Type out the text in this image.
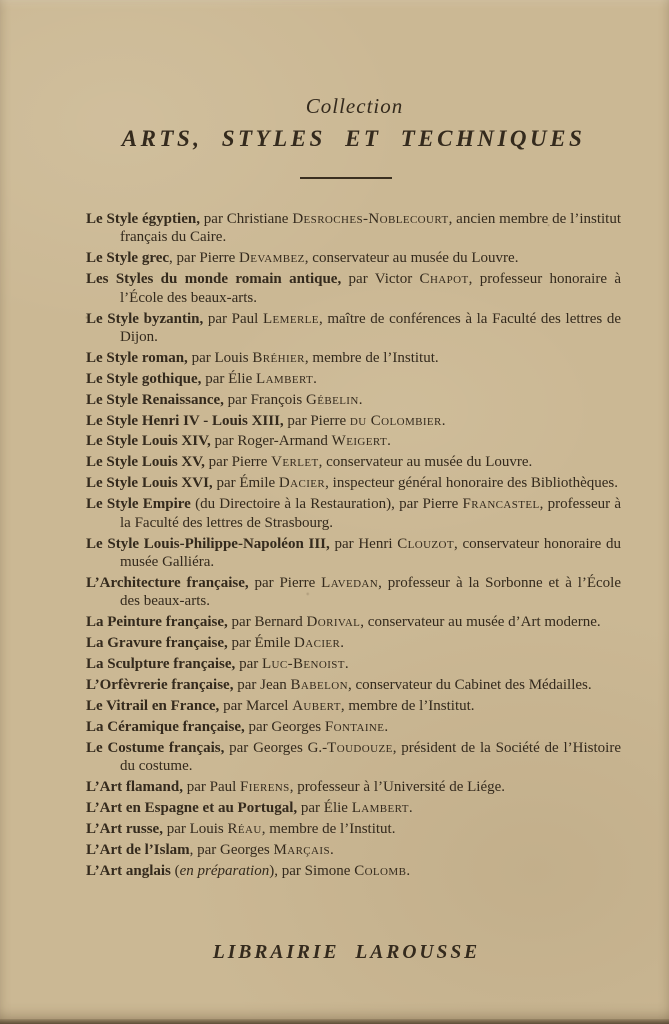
Collection
ARTS, STYLES ET TECHNIQUES
Le Style égyptien, par Christiane Desroches-Noblecourt, ancien membre de l’institut français du Caire.
Le Style grec, par Pierre Devambez, conservateur au musée du Louvre.
Les Styles du monde romain antique, par Victor Chapot, professeur honoraire à l’École des beaux-arts.
Le Style byzantin, par Paul Lemerle, maître de conférences à la Faculté des lettres de Dijon.
Le Style roman, par Louis Bréhier, membre de l’Institut.
Le Style gothique, par Élie Lambert.
Le Style Renaissance, par François Gébelin.
Le Style Henri IV - Louis XIII, par Pierre du Colombier.
Le Style Louis XIV, par Roger-Armand Weigert.
Le Style Louis XV, par Pierre Verlet, conservateur au musée du Louvre.
Le Style Louis XVI, par Émile Dacier, inspecteur général honoraire des Bibliothèques.
Le Style Empire (du Directoire à la Restauration), par Pierre Francastel, professeur à la Faculté des lettres de Strasbourg.
Le Style Louis-Philippe-Napoléon III, par Henri Clouzot, conservateur honoraire du musée Galliéra.
L’Architecture française, par Pierre Lavedan, professeur à la Sorbonne et à l’École des beaux-arts.
La Peinture française, par Bernard Dorival, conservateur au musée d’Art moderne.
La Gravure française, par Émile Dacier.
La Sculpture française, par Luc-Benoist.
L’Orfèvrerie française, par Jean Babelon, conservateur du Cabinet des Médailles.
Le Vitrail en France, par Marcel Aubert, membre de l’Institut.
La Céramique française, par Georges Fontaine.
Le Costume français, par Georges G.-Toudouze, président de la Société de l’Histoire du costume.
L’Art flamand, par Paul Fierens, professeur à l’Université de Liége.
L’Art en Espagne et au Portugal, par Élie Lambert.
L’Art russe, par Louis Réau, membre de l’Institut.
L’Art de l’Islam, par Georges Marçais.
L’Art anglais (en préparation), par Simone Colomb.
LIBRAIRIE LAROUSSE
